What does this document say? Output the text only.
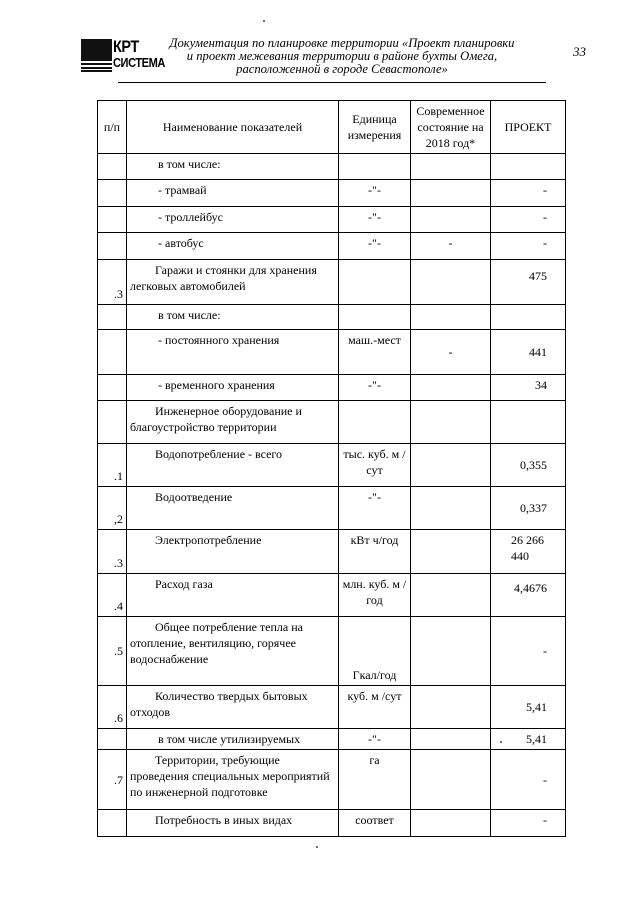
КРТ
СИСТЕМА
Документация по планировке территории «Проект планировки
и проект межевания территории в районе бухты Омега,
расположенной в городе Севастополе»
33
п/п	Наименование показателей	Единица измерения	Современное состояние на 2018 год*	ПРОЕКТ

	в том числе:			

	- трамвай	-"-		-

	- троллейбус	-"-		-

	- автобус	-"-	-	-
.3	Гаражи и стоянки для хранения легковых автомобилей			475

	в том числе:			

	- постоянного хранения	маш.-мест	-	441

	- временного хранения	-"-		34
	Инженерное оборудование и благоустройство территории			
.1	Водопотребление - всего	тыс. куб. м / сут		0,355
,2	Водоотведение	-"-		0,337
.3	Электропотребление	кВт ч/год		26 266 440
.4	Расход газа	млн. куб. м / год		4,4676
.5	Общее потребление тепла на отопление, вентиляцию, горячее водоснабжение	Гкал/год		-
.6	Количество твердых бытовых отходов	куб. м /сут		5,41

	в том числе утилизируемых	-"-		5,41
.7	Территории, требующие проведения специальных мероприятий по инженерной подготовке	га		-
	Потребность в иных видах	соответ		-
